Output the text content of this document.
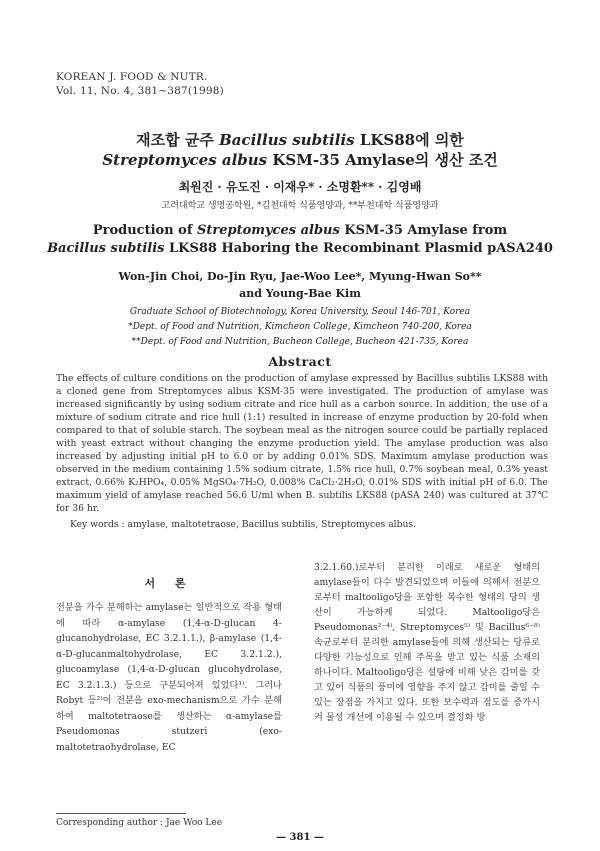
KOREAN J. FOOD & NUTR.
Vol. 11, No. 4, 381~387(1998)
재조합 균주 Bacillus subtilis LKS88에 의한
Streptomyces albus KSM-35 Amylase의 생산 조건
최원진 · 유도진 · 이재우* · 소명환** · 김영배
고려대학교 생명공학원, *김천대학 식품영양과, **부천대학 식품영양과
Production of Streptomyces albus KSM-35 Amylase from
Bacillus subtilis LKS88 Haboring the Recombinant Plasmid pASA240
Won-Jin Choi, Do-Jin Ryu, Jae-Woo Lee*, Myung-Hwan So**
and Young-Bae Kim
Graduate School of Biotechnology, Korea University, Seoul 146-701, Korea
*Dept. of Food and Nutrition, Kimcheon College, Kimcheon 740-200, Korea
**Dept. of Food and Nutrition, Bucheon College, Bucheon 421-735, Korea
Abstract
The effects of culture conditions on the production of amylase expressed by Bacillus subtilis LKS88 with a cloned gene from Streptomyces albus KSM-35 were investigated. The production of amylase was increased significantly by using sodium citrate and rice hull as a carbon source. In addition, the use of a mixture of sodium citrate and rice hull (1:1) resulted in increase of enzyme production by 20-fold when compared to that of soluble starch. The soybean meal as the nitrogen source could be partially replaced with yeast extract without changing the enzyme production yield. The amylase production was also increased by adjusting initial pH to 6.0 or by adding 0.01% SDS. Maximum amylase production was observed in the medium containing 1.5% sodium citrate, 1.5% rice hull, 0.7% soybean meal, 0.3% yeast extract, 0.66% K₂HPO₄, 0.05% MgSO₄·7H₂O, 0.008% CaCl₂·2H₂O, 0.01% SDS with initial pH of 6.0. The maximum yield of amylase reached 56.6 U/ml when B. subtilis LKS88 (pASA 240) was cultured at 37℃ for 36 hr.
Key words : amylase, maltotetraose, Bacillus subtilis, Streptomyces albus.
서 론
전분을 가수 분해하는 amylase는 일반적으로 작용 형태에 따라 α-amylase (1,4-α-D-glucan 4-glucanohydrolase, EC 3.2.1.1.), β-amylase (1,4-α-D-glucanmaltohydrolase, EC 3.2.1.2.), glucoamylase (1,4-α-D-glucan glucohydrolase, EC 3.2.1.3.) 등으로 구분되어져 있었다¹⁾. 그러나 Robyt 등²⁾이 전분을 exo-mechanism으로 가수 분해하여 maltotetraose를 생산하는 α-amylase를 Pseudomonas stutzeri (exo-maltotetraohydrolase, EC
3.2.1.60.)로부터 분리한 이래로 새로운 형태의 amylase들이 다수 발견되었으며 이들에 의해서 전분으로부터 maltooligo당을 포함한 복수한 형태의 당의 생산이 가능하게 되었다. Maltooligo당은 Pseudomonas²⁻⁴⁾, Streptomyces⁵⁾ 및 Bacillus⁶⁻⁸⁾ 속균로부터 분리한 amylase들에 의해 생산되는 당류로 다양한 기능성으로 인해 주목을 받고 있는 식품 소재의 하나이다. Maltooligo당은 설탕에 비해 낮은 감미를 갖고 있어 식품의 풍미에 영향을 주지 않고 감미를 줄일 수 있는 장점을 가지고 있다. 또한 보수력과 점도를 증가시켜 물성 개선에 이용될 수 있으며 결정화 방
Corresponding author : Jae Woo Lee
— 381 —
